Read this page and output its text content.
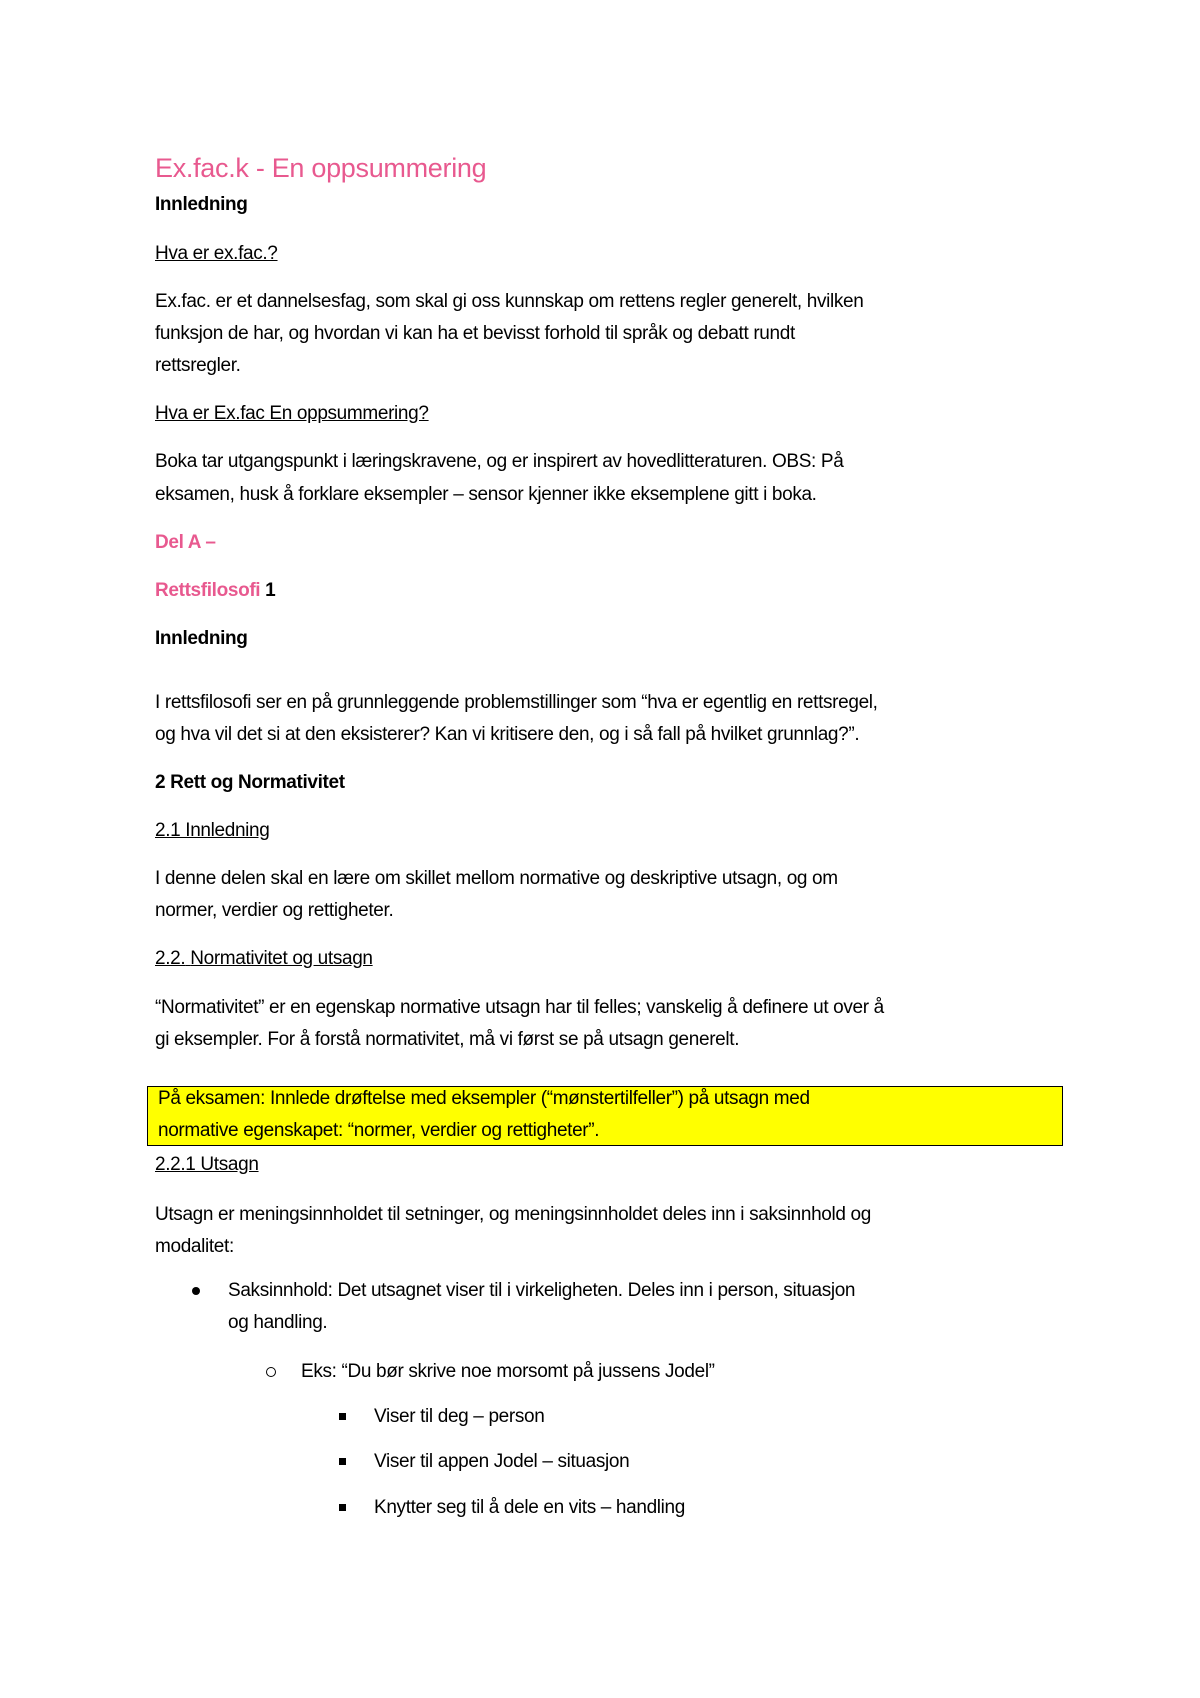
Ex.fac.k - En oppsummering
Innledning
Hva er ex.fac.?
Ex.fac. er et dannelsesfag, som skal gi oss kunnskap om rettens regler generelt, hvilken
funksjon de har, og hvordan vi kan ha et bevisst forhold til språk og debatt rundt
rettsregler.
Hva er Ex.fac En oppsummering?
Boka tar utgangspunkt i læringskravene, og er inspirert av hovedlitteraturen. OBS: På
eksamen, husk å forklare eksempler – sensor kjenner ikke eksemplene gitt i boka.
Del A –
Rettsfilosofi 1
Innledning
I rettsfilosofi ser en på grunnleggende problemstillinger som “hva er egentlig en rettsregel,
og hva vil det si at den eksisterer? Kan vi kritisere den, og i så fall på hvilket grunnlag?”.
2 Rett og Normativitet
2.1 Innledning
I denne delen skal en lære om skillet mellom normative og deskriptive utsagn, og om
normer, verdier og rettigheter.
2.2. Normativitet og utsagn
“Normativitet” er en egenskap normative utsagn har til felles; vanskelig å definere ut over å
gi eksempler. For å forstå normativitet, må vi først se på utsagn generelt.
På eksamen: Innlede drøftelse med eksempler (“mønstertilfeller”) på utsagn med
normative egenskapet: “normer, verdier og rettigheter”.
2.2.1 Utsagn
Utsagn er meningsinnholdet til setninger, og meningsinnholdet deles inn i saksinnhold og
modalitet:
Saksinnhold: Det utsagnet viser til i virkeligheten. Deles inn i person, situasjon
og handling.
Eks: “Du bør skrive noe morsomt på jussens Jodel”
Viser til deg – person
Viser til appen Jodel – situasjon
Knytter seg til å dele en vits – handling
